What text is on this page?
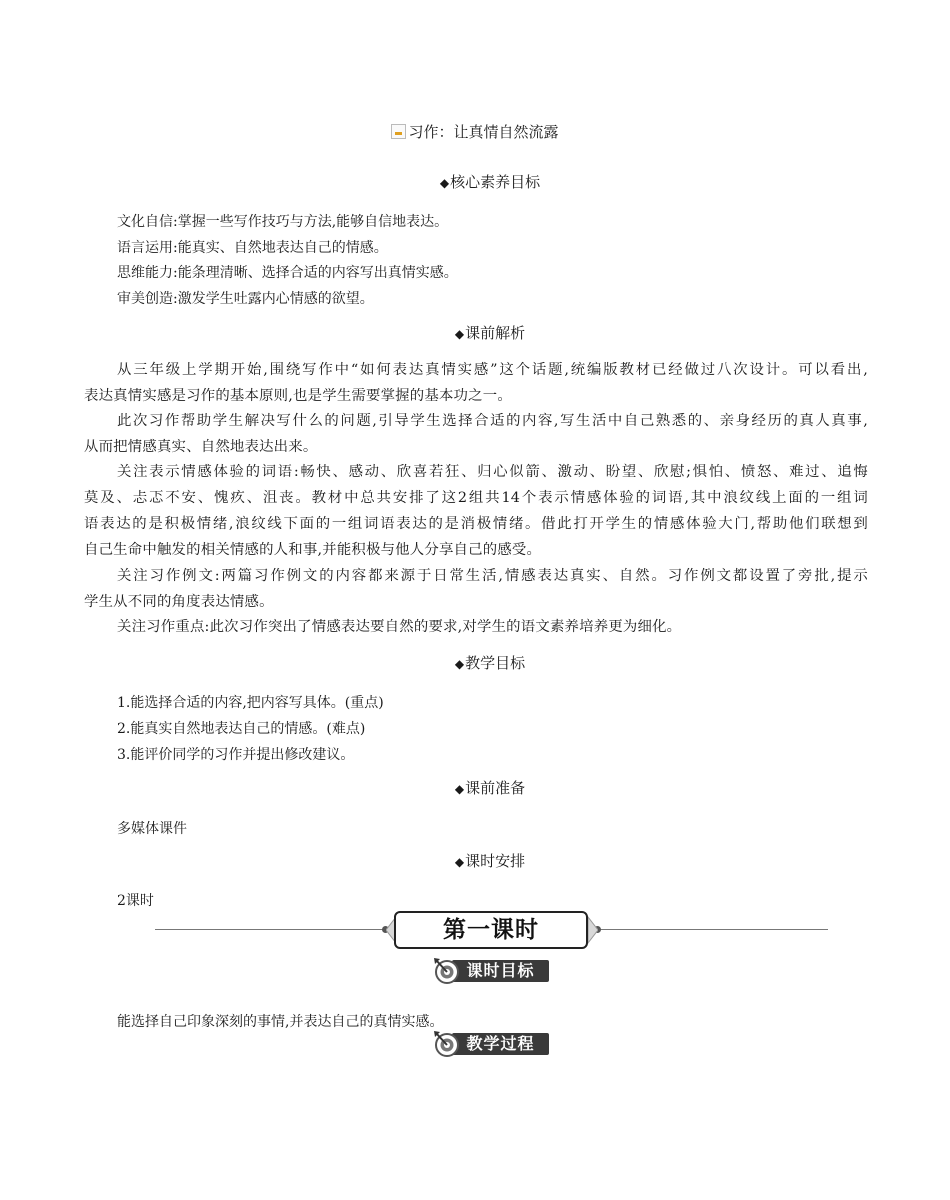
习作：让真情自然流露
◆核心素养目标
文化自信:掌握一些写作技巧与方法,能够自信地表达。
语言运用:能真实、自然地表达自己的情感。
思维能力:能条理清晰、选择合适的内容写出真情实感。
审美创造:激发学生吐露内心情感的欲望。
◆课前解析
从三年级上学期开始,围绕写作中“如何表达真情实感”这个话题,统编版教材已经做过八次设计。可以看出,
表达真情实感是习作的基本原则,也是学生需要掌握的基本功之一。
此次习作帮助学生解决写什么的问题,引导学生选择合适的内容,写生活中自己熟悉的、亲身经历的真人真事,
从而把情感真实、自然地表达出来。
关注表示情感体验的词语:畅快、感动、欣喜若狂、归心似箭、激动、盼望、欣慰;惧怕、愤怒、难过、追悔
莫及、忐忑不安、愧疚、沮丧。教材中总共安排了这2组共14个表示情感体验的词语,其中浪纹线上面的一组词
语表达的是积极情绪,浪纹线下面的一组词语表达的是消极情绪。借此打开学生的情感体验大门,帮助他们联想到
自己生命中触发的相关情感的人和事,并能积极与他人分享自己的感受。
关注习作例文:两篇习作例文的内容都来源于日常生活,情感表达真实、自然。习作例文都设置了旁批,提示
学生从不同的角度表达情感。
关注习作重点:此次习作突出了情感表达要自然的要求,对学生的语文素养培养更为细化。
◆教学目标
1.能选择合适的内容,把内容写具体。(重点)
2.能真实自然地表达自己的情感。(难点)
3.能评价同学的习作并提出修改建议。
◆课前准备
多媒体课件
◆课时安排
2课时
第一课时
课时目标
能选择自己印象深刻的事情,并表达自己的真情实感。
教学过程
